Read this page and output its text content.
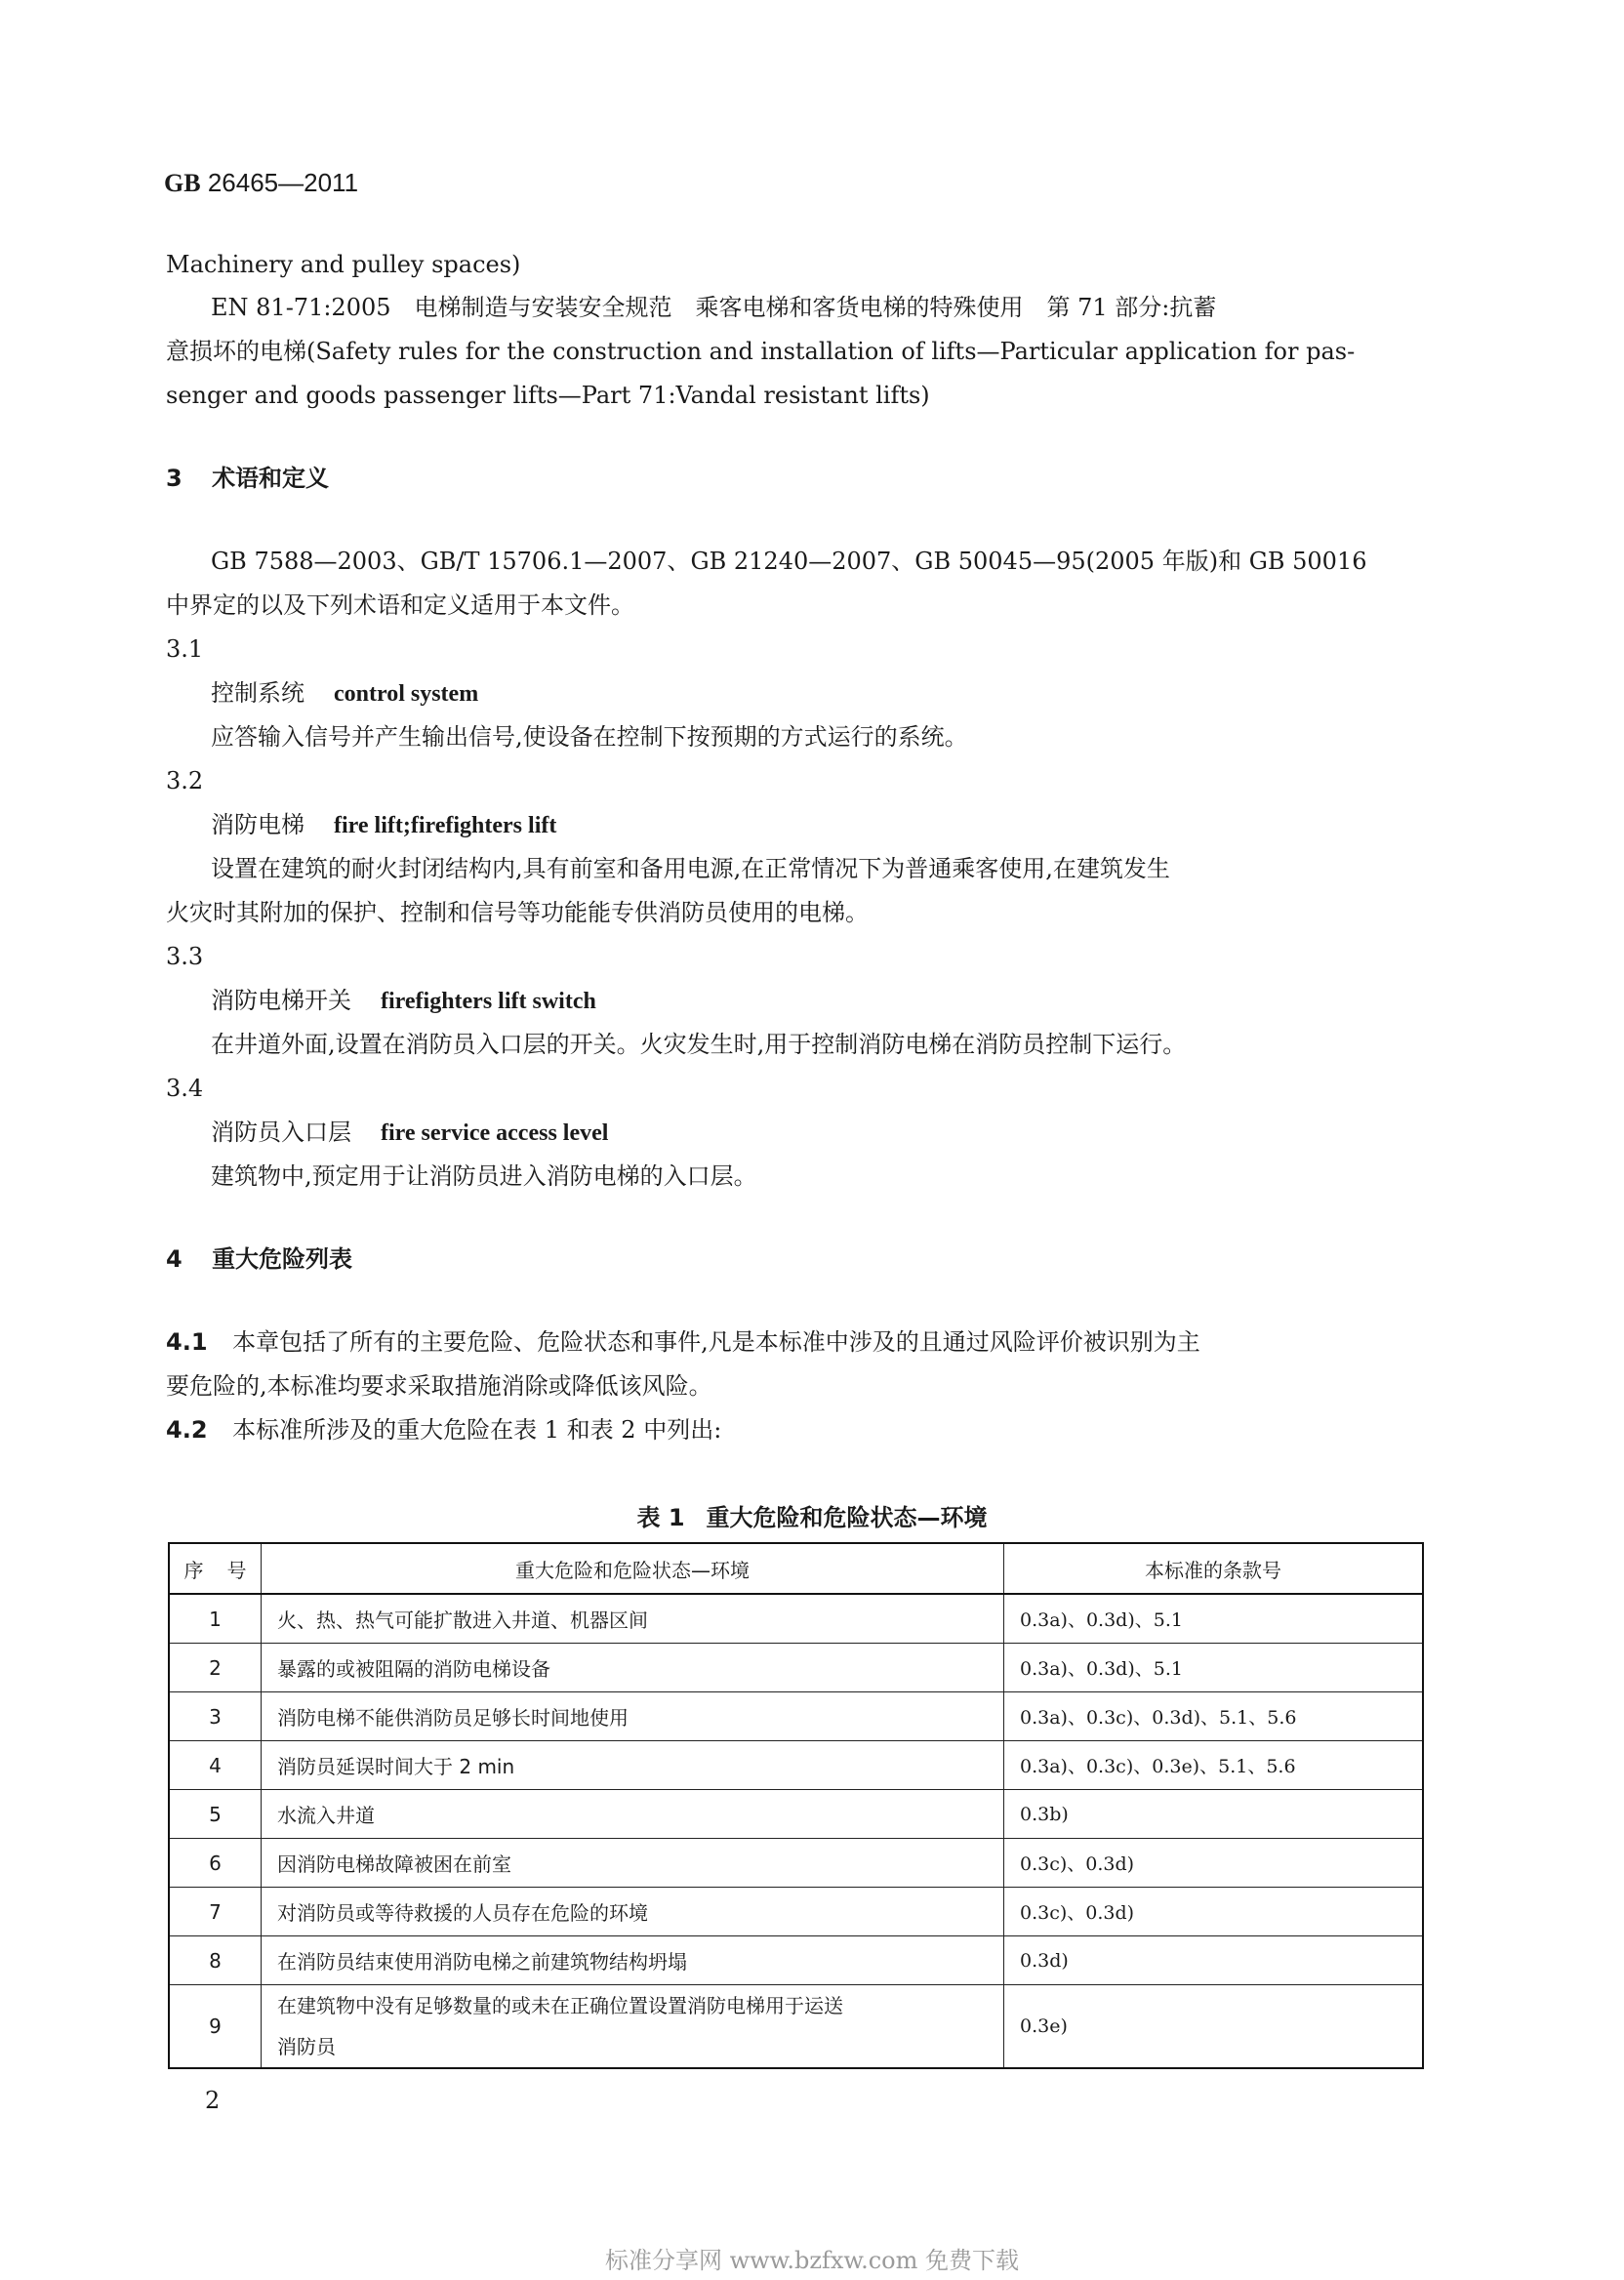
GB 26465—2011
Machinery and pulley spaces)
EN 81-71:2005　电梯制造与安装安全规范　乘客电梯和客货电梯的特殊使用　第 71 部分:抗蓄
意损坏的电梯(Safety rules for the construction and installation of lifts—Particular application for pas-
senger and goods passenger lifts—Part 71:Vandal resistant lifts)
3 术语和定义
GB 7588—2003、GB/T 15706.1—2007、GB 21240—2007、GB 50045—95(2005 年版)和 GB 50016
中界定的以及下列术语和定义适用于本文件。
3.1
控制系统 control system
应答输入信号并产生输出信号,使设备在控制下按预期的方式运行的系统。
3.2
消防电梯 fire lift;firefighters lift
设置在建筑的耐火封闭结构内,具有前室和备用电源,在正常情况下为普通乘客使用,在建筑发生
火灾时其附加的保护、控制和信号等功能能专供消防员使用的电梯。
3.3
消防电梯开关 firefighters lift switch
在井道外面,设置在消防员入口层的开关。火灾发生时,用于控制消防电梯在消防员控制下运行。
3.4
消防员入口层 fire service access level
建筑物中,预定用于让消防员进入消防电梯的入口层。
4 重大危险列表
4.1 本章包括了所有的主要危险、危险状态和事件,凡是本标准中涉及的且通过风险评价被识别为主
要危险的,本标准均要求采取措施消除或降低该风险。
4.2 本标准所涉及的重大危险在表 1 和表 2 中列出:
表 1 重大危险和危险状态—环境
序 号	重大危险和危险状态—环境	本标准的条款号
1	火、热、热气可能扩散进入井道、机器区间	0.3a)、0.3d)、5.1
2	暴露的或被阻隔的消防电梯设备	0.3a)、0.3d)、5.1
3	消防电梯不能供消防员足够长时间地使用	0.3a)、0.3c)、0.3d)、5.1、5.6
4	消防员延误时间大于 2 min	0.3a)、0.3c)、0.3e)、5.1、5.6
5	水流入井道	0.3b)
6	因消防电梯故障被困在前室	0.3c)、0.3d)
7	对消防员或等待救援的人员存在危险的环境	0.3c)、0.3d)
8	在消防员结束使用消防电梯之前建筑物结构坍塌	0.3d)
9	在建筑物中没有足够数量的或未在正确位置设置消防电梯用于运送
消防员	0.3e)
2
标准分享网 www.bzfxw.com 免费下载
